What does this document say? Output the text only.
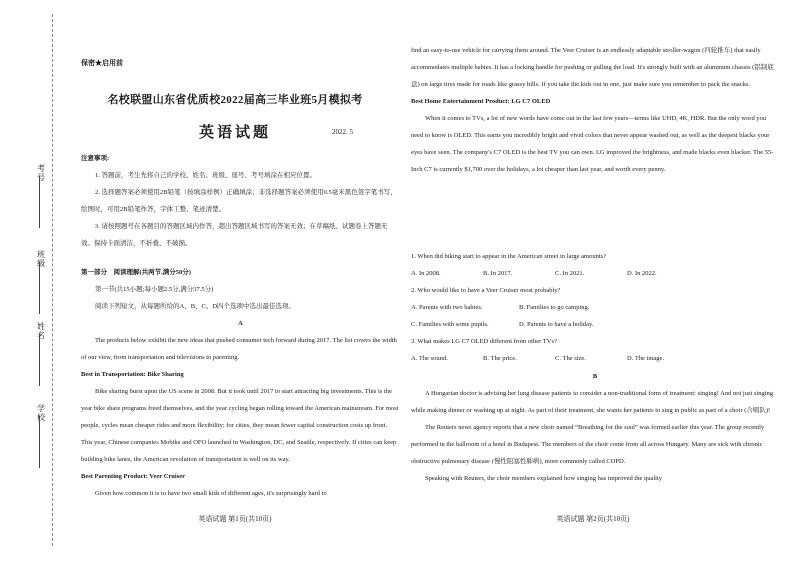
考
号
班
级
姓
名
学
校
保密★启用前
名校联盟山东省优质校2022届高三毕业班5月模拟考
英语试题	2022. 5

注意事项:

1. 答题前，考生先将自己的学校、姓名、班级、座号、考号填涂在相应位置。

2. 选择题答案必须使用2B铅笔（按填涂样例）正确填涂；非选择题答案必须使用0.5毫米黑色签字笔书写，绘图时，可用2B铅笔作答，字体工整、笔迹清楚。

3. 请按照题号在各题目的答题区域内作答，超出答题区域书写的答案无效；在草稿纸、试题卷上答题无效。保持卡面清洁，不折叠、不破损。

第一部分　阅读理解(共两节,满分50分)

第一节(共15小题;每小题2.5分,满分37.5分)

阅读下列短文，从每题所给的A、B、C、D四个选项中选出最佳选项。

A

The products below exhibit the new ideas that pushed consumer tech forward during 2017. The list covers the width of our view, from transportation and televisions to parenting.

Best in Transportation: Bike Sharing

Bike sharing burst upon the US scene in 2008. But it took until 2017 to start attracting big investments. This is the year bike share programs freed themselves, and the year cycling began rolling toward the American mainstream. For most people, cycles mean cheaper rides and more flexibility; for cities, they mean fewer capital construction costs up front. This year, Chinese companies Mobike and OFO launched in Washington, DC, and Seattle, respectively. If cities can keep building bike lanes, the American revolution of transportation is well on its way.

Best Parenting Product: Veer Cruiser

Given how common it is to have two small kids of different ages, it's surprisingly hard to

英语试题 第1页(共10页)

find an easy-to-use vehicle for carrying them around. The Veer Cruiser is an endlessly adaptable stroller-wagon (四轮推车) that easily accommodates multiple babies. It has a locking handle for pushing or pulling the load. It's strongly built with an aluminum chassis (铝制底盘) on large tires made for roads like grassy hills. If you take the kids out in one, just make sure you remember to pack the snacks.

Best Home Entertainment Product: LG C7 OLED

When it comes to TVs, a lot of new words have come out in the last few years—terms like UHD, 4K, HDR. But the only word you need to know is OLED. This earns you incredibly bright and vivid colors that never appear washed out, as well as the deepest blacks your eyes have seen. The company's C7 OLED is the best TV you can own. LG improved the brightness, and made blacks even blacker. The 55-Inch C7 is currently $1,700 over the holidays, a lot cheaper than last year, and worth every penny.

1. When did biking start to appear in the American street in large amounts?

A. In 2008.	B. In 2017.	C. In 2021.	D. In 2022.

2. Who would like to have a Veer Cruiser most probably?

A. Parents with two babies.	B. Families to go camping.
C. Families with some pupils.	D. Parents to have a holiday.

3. What makes LG C7 OLED different from other TVs?

A. The sound.	B. The price.	C. The size.	D. The image.

B

A Hungarian doctor is advising her lung disease patients to consider a non-traditional form of treatment: singing! And not just singing while making dinner or washing up at night. As part of their treatment, she wants her patients to sing in public as part of a choir (合唱队)!

The Reuters news agency reports that a new choir named “Breathing for the soul” was formed earlier this year. The group recently performed in the ballroom of a hotel in Budapest. The members of the choir come from all across Hungary. Many are sick with chronic obstructive pulmonary disease (慢性阻塞性肺病), more commonly called COPD.

Speaking with Reuters, the choir members explained how singing has improved the quality

英语试题 第2页(共10页)
